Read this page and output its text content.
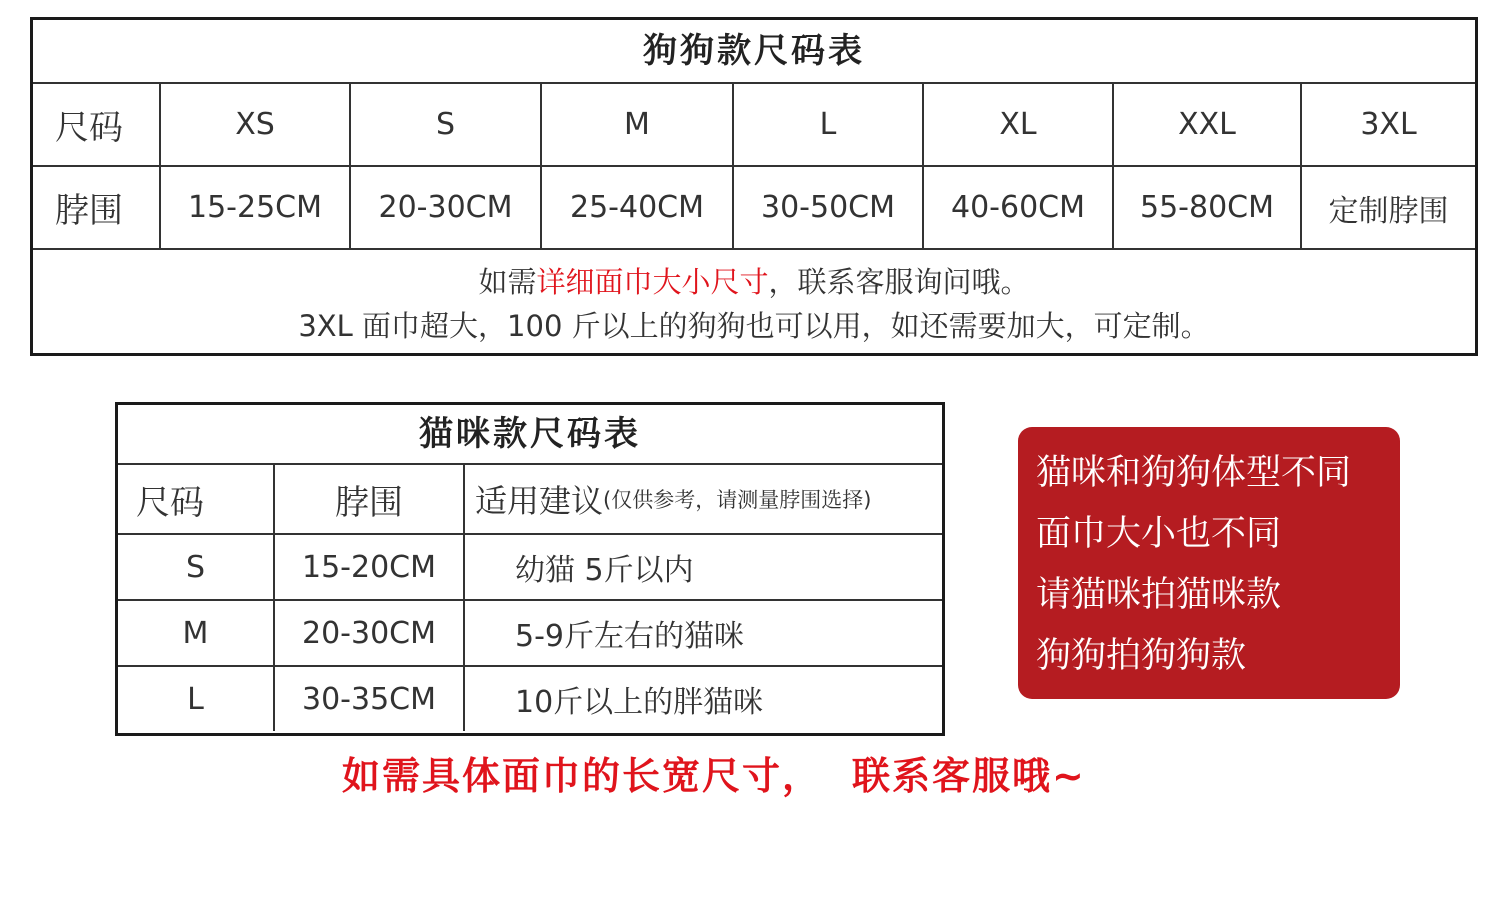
狗狗款尺码表
尺码	XS	S	M	L	XL	XXL	3XL
脖围	15-25CM	20-30CM	25-40CM	30-50CM	40-60CM	55-80CM	定制脖围
如需详细面巾大小尺寸，联系客服询问哦。
3XL 面巾超大，100 斤以上的狗狗也可以用，如还需要加大，可定制。
猫咪款尺码表
尺码	脖围	适用建议 (仅供参考，请测量脖围选择)
S	15-20CM	幼猫 5斤以内
M	20-30CM	5-9斤左右的猫咪
L	30-35CM	10斤以上的胖猫咪
猫咪和狗狗体型不同
面巾大小也不同
请猫咪拍猫咪款
狗狗拍狗狗款
如需具体面巾的长宽尺寸， 联系客服哦~
